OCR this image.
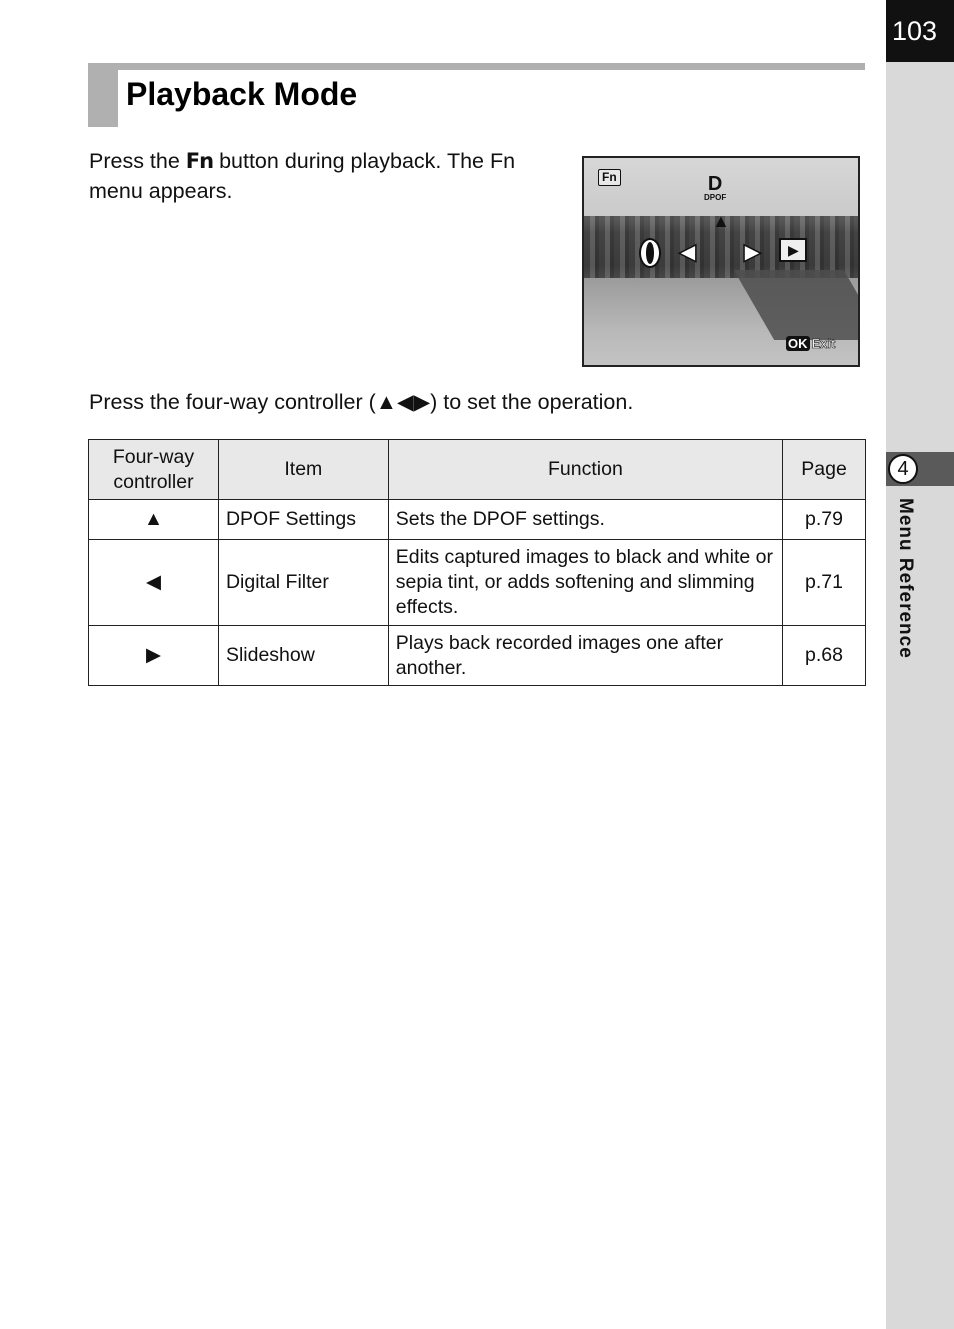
103
4
Menu Reference
Playback Mode

Press the Fn button during playback. The Fn menu appears.

Fn	D
DPOF
▲
◀ ▶ ▶
OK Exit

Press the four-way controller (▲◀▶) to set the operation.

Four-way controller	Item	Function	Page
▲	DPOF Settings	Sets the DPOF settings.	p.79
◀	Digital Filter	Edits captured images to black and white or sepia tint, or adds softening and slimming effects.	p.71
▶	Slideshow	Plays back recorded images one after another.	p.68
